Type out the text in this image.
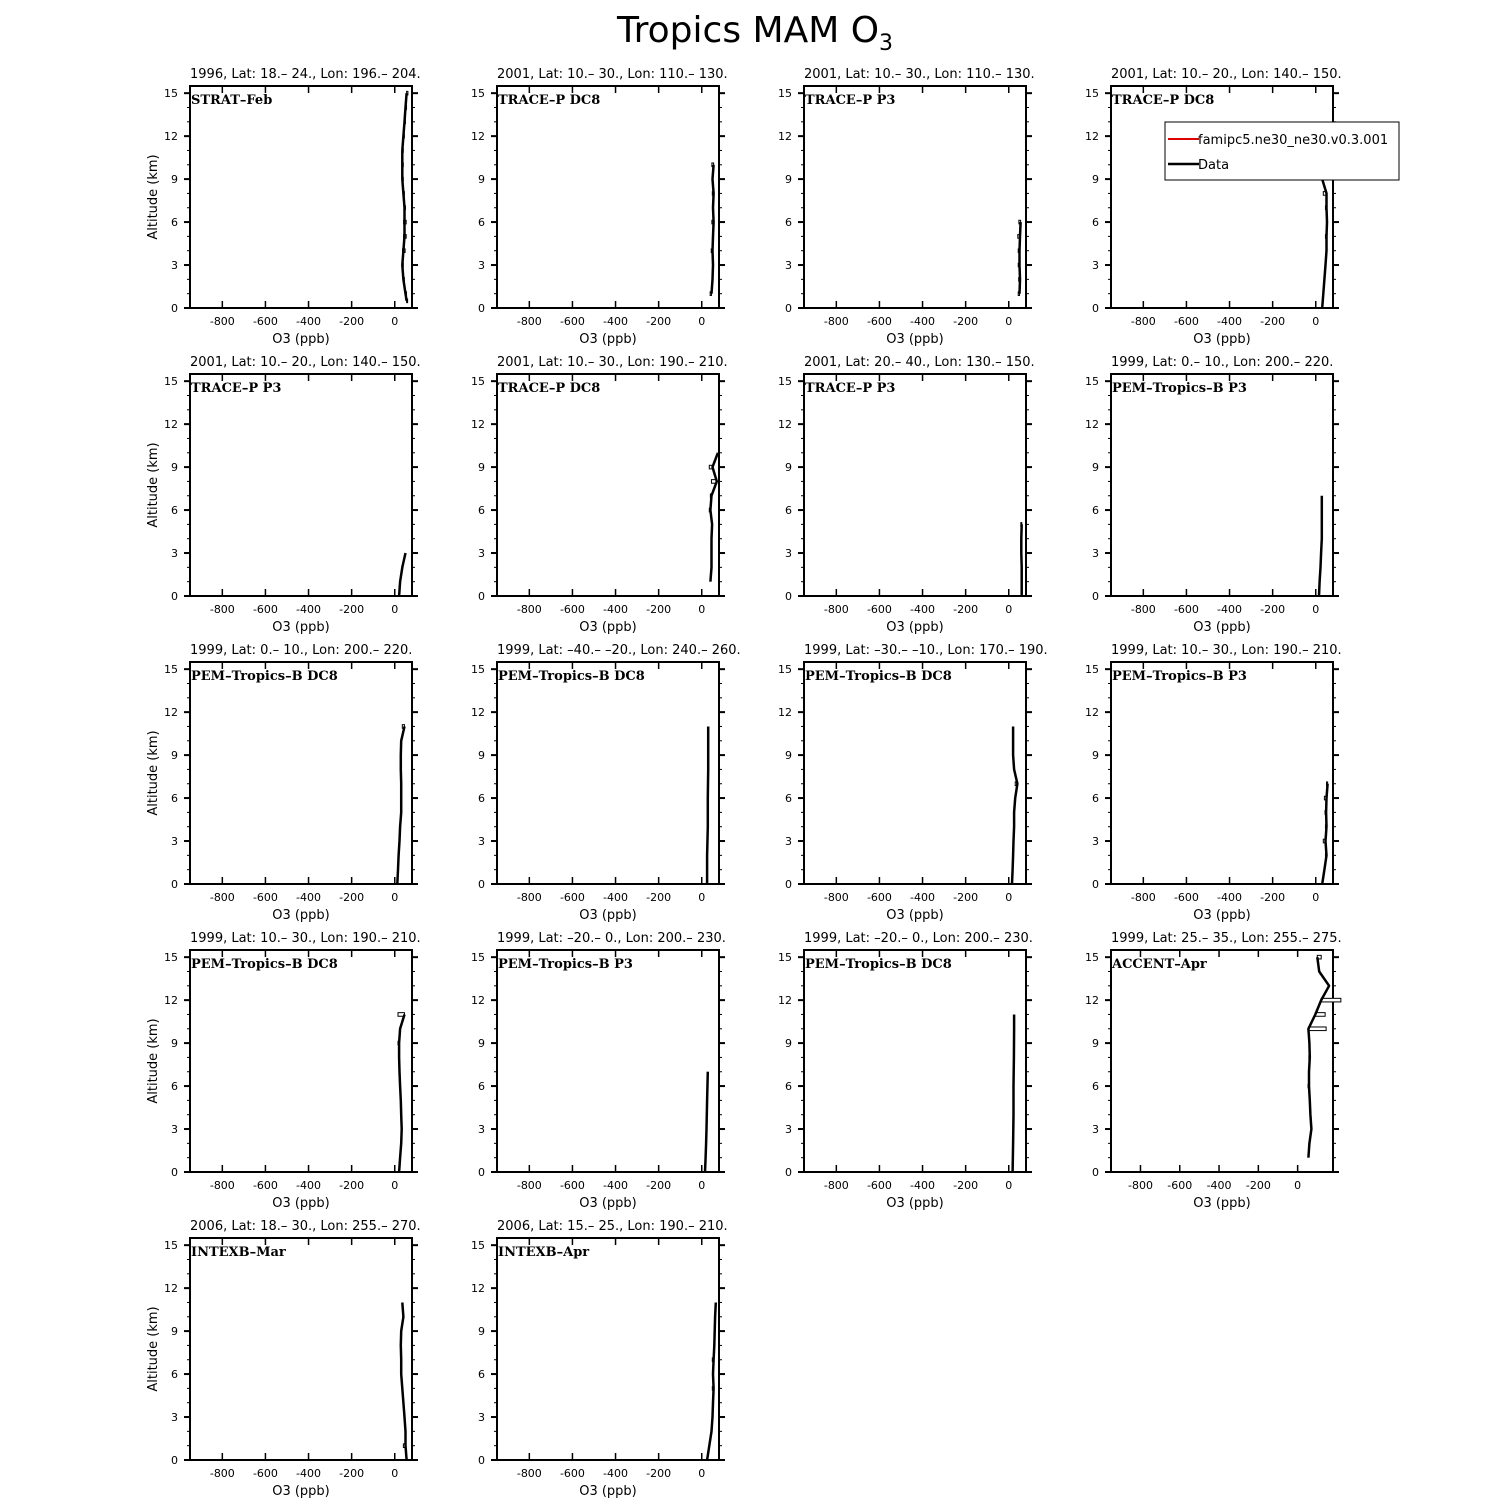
Tropics MAM $O_3$
1996, Lat: 18.– 24., Lon: 196.– 204.
-800 -600 -400 -200 0
0
3
6
9
12
15
O3 (ppb)
Altitude (km)
STRAT–Feb
2001, Lat: 10.– 30., Lon: 110.– 130.
-800 -600 -400 -200 0
0
3
6
9
12
15
O3 (ppb)
TRACE–P DC8
2001, Lat: 10.– 30., Lon: 110.– 130.
-800 -600 -400 -200 0
0
3
6
9
12
15
O3 (ppb)
TRACE–P P3
2001, Lat: 10.– 20., Lon: 140.– 150.
-800 -600 -400 -200 0
0
3
6
9
12
15
O3 (ppb)
TRACE–P DC8
famipc5.ne30_ne30.v0.3.001
Data
2001, Lat: 10.– 20., Lon: 140.– 150.
-800 -600 -400 -200 0
0
3
6
9
12
15
O3 (ppb)
Altitude (km)
TRACE–P P3
2001, Lat: 10.– 30., Lon: 190.– 210.
-800 -600 -400 -200 0
0
3
6
9
12
15
O3 (ppb)
TRACE–P DC8
2001, Lat: 20.– 40., Lon: 130.– 150.
-800 -600 -400 -200 0
0
3
6
9
12
15
O3 (ppb)
TRACE–P P3
1999, Lat: 0.– 10., Lon: 200.– 220.
-800 -600 -400 -200 0
0
3
6
9
12
15
O3 (ppb)
PEM–Tropics–B P3
1999, Lat: 0.– 10., Lon: 200.– 220.
-800 -600 -400 -200 0
0
3
6
9
12
15
O3 (ppb)
Altitude (km)
PEM–Tropics–B DC8
1999, Lat: –40.– –20., Lon: 240.– 260.
-800 -600 -400 -200 0
0
3
6
9
12
15
O3 (ppb)
PEM–Tropics–B DC8
1999, Lat: –30.– –10., Lon: 170.– 190.
-800 -600 -400 -200 0
0
3
6
9
12
15
O3 (ppb)
PEM–Tropics–B DC8
1999, Lat: 10.– 30., Lon: 190.– 210.
-800 -600 -400 -200 0
0
3
6
9
12
15
O3 (ppb)
PEM–Tropics–B P3
1999, Lat: 10.– 30., Lon: 190.– 210.
-800 -600 -400 -200 0
0
3
6
9
12
15
O3 (ppb)
Altitude (km)
PEM–Tropics–B DC8
1999, Lat: –20.– 0., Lon: 200.– 230.
-800 -600 -400 -200 0
0
3
6
9
12
15
O3 (ppb)
PEM–Tropics–B P3
1999, Lat: –20.– 0., Lon: 200.– 230.
-800 -600 -400 -200 0
0
3
6
9
12
15
O3 (ppb)
PEM–Tropics–B DC8
1999, Lat: 25.– 35., Lon: 255.– 275.
-800 -600 -400 -200 0
0
3
6
9
12
15
O3 (ppb)
ACCENT–Apr
2006, Lat: 18.– 30., Lon: 255.– 270.
-800 -600 -400 -200 0
0
3
6
9
12
15
O3 (ppb)
Altitude (km)
INTEXB–Mar
2006, Lat: 15.– 25., Lon: 190.– 210.
-800 -600 -400 -200 0
0
3
6
9
12
15
O3 (ppb)
INTEXB–Apr
